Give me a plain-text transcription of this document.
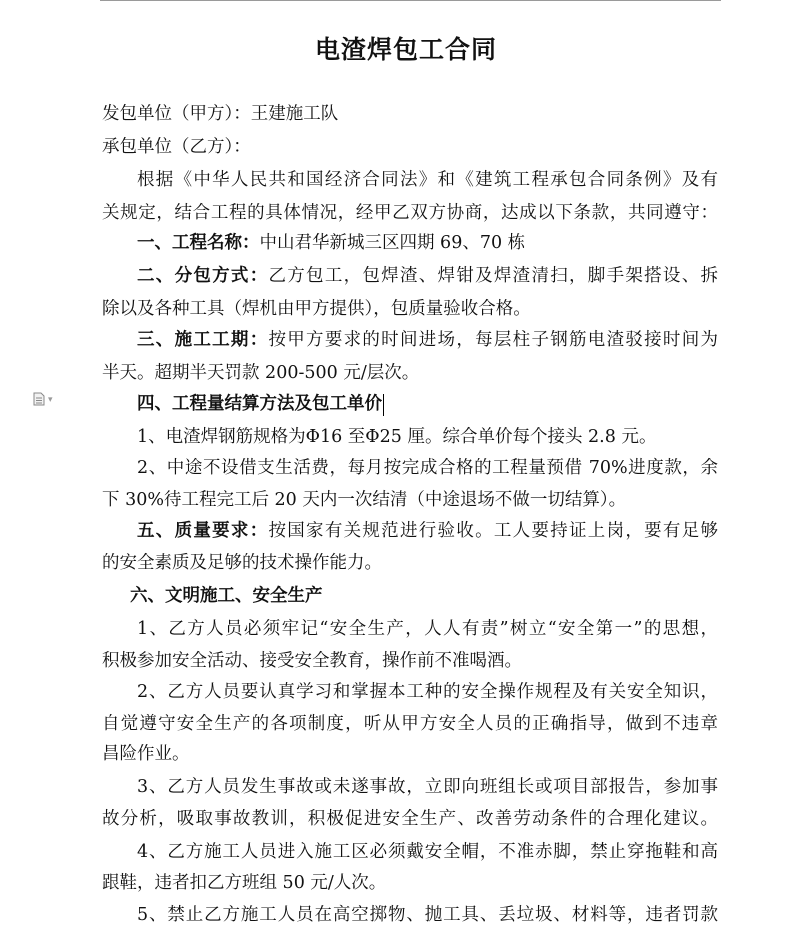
电渣焊包工合同
发包单位（甲方）：王建施工队
承包单位（乙方）：
根据《中华人民共和国经济合同法》和《建筑工程承包合同条例》及有
关规定，结合工程的具体情况，经甲乙双方协商，达成以下条款，共同遵守：
一、工程名称：中山君华新城三区四期 69、70 栋
二、分包方式：乙方包工，包焊渣、焊钳及焊渣清扫，脚手架搭设、拆
除以及各种工具（焊机由甲方提供），包质量验收合格。
三、施工工期：按甲方要求的时间进场，每层柱子钢筋电渣驳接时间为
半天。超期半天罚款 200-500 元/层次。
▾	四、工程量结算方法及包工单价
1、电渣焊钢筋规格为Φ16 至Φ25 厘。综合单价每个接头 2.8 元。
2、中途不设借支生活费，每月按完成合格的工程量预借 70%进度款，余
下 30%待工程完工后 20 天内一次结清（中途退场不做一切结算）。
五、质量要求：按国家有关规范进行验收。工人要持证上岗，要有足够
的安全素质及足够的技术操作能力。
六、文明施工、安全生产
1、乙方人员必须牢记“安全生产，人人有责”树立“安全第一”的思想，
积极参加安全活动、接受安全教育，操作前不准喝酒。
2、乙方人员要认真学习和掌握本工种的安全操作规程及有关安全知识，
自觉遵守安全生产的各项制度，听从甲方安全人员的正确指导，做到不违章
昌险作业。
3、乙方人员发生事故或未遂事故，立即向班组长或项目部报告，参加事
故分析，吸取事故教训，积极促进安全生产、改善劳动条件的合理化建议。
4、乙方施工人员进入施工区必须戴安全帽，不准赤脚，禁止穿拖鞋和高
跟鞋，违者扣乙方班组 50 元/人次。
5、禁止乙方施工人员在高空掷物、抛工具、丢垃圾、材料等，违者罚款
